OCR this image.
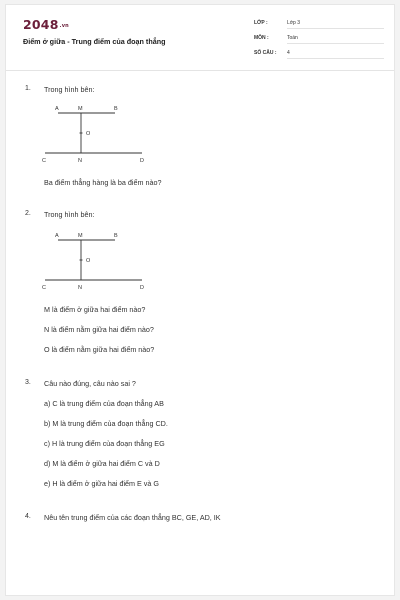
2048.vn
Điểm ở giữa - Trung điểm của đoạn thẳng
LỚP :	Lớp 3
MÔN :	Toán
SỐ CÂU : 4
1. Trong hình bên:
A	M	B
O
C	N	D
Ba điểm thẳng hàng là ba điểm nào?
2. Trong hình bên:
A	M	B
O
C	N	D
M là điểm ở giữa hai điểm nào?
N là điểm nằm giữa hai điểm nào?
O là điểm nằm giữa hai điểm nào?
3. Câu nào đúng, câu nào sai ?
a) C là trung điểm của đoạn thẳng AB
b) M là trung điểm của đoạn thẳng CD.
c) H là trung điểm của đoạn thẳng EG
d) M là điểm ở giữa hai điểm C và D
e) H là điểm ở giữa hai điểm E và G
4. Nêu tên trung điểm của các đoạn thẳng BC, GE, AD, IK
